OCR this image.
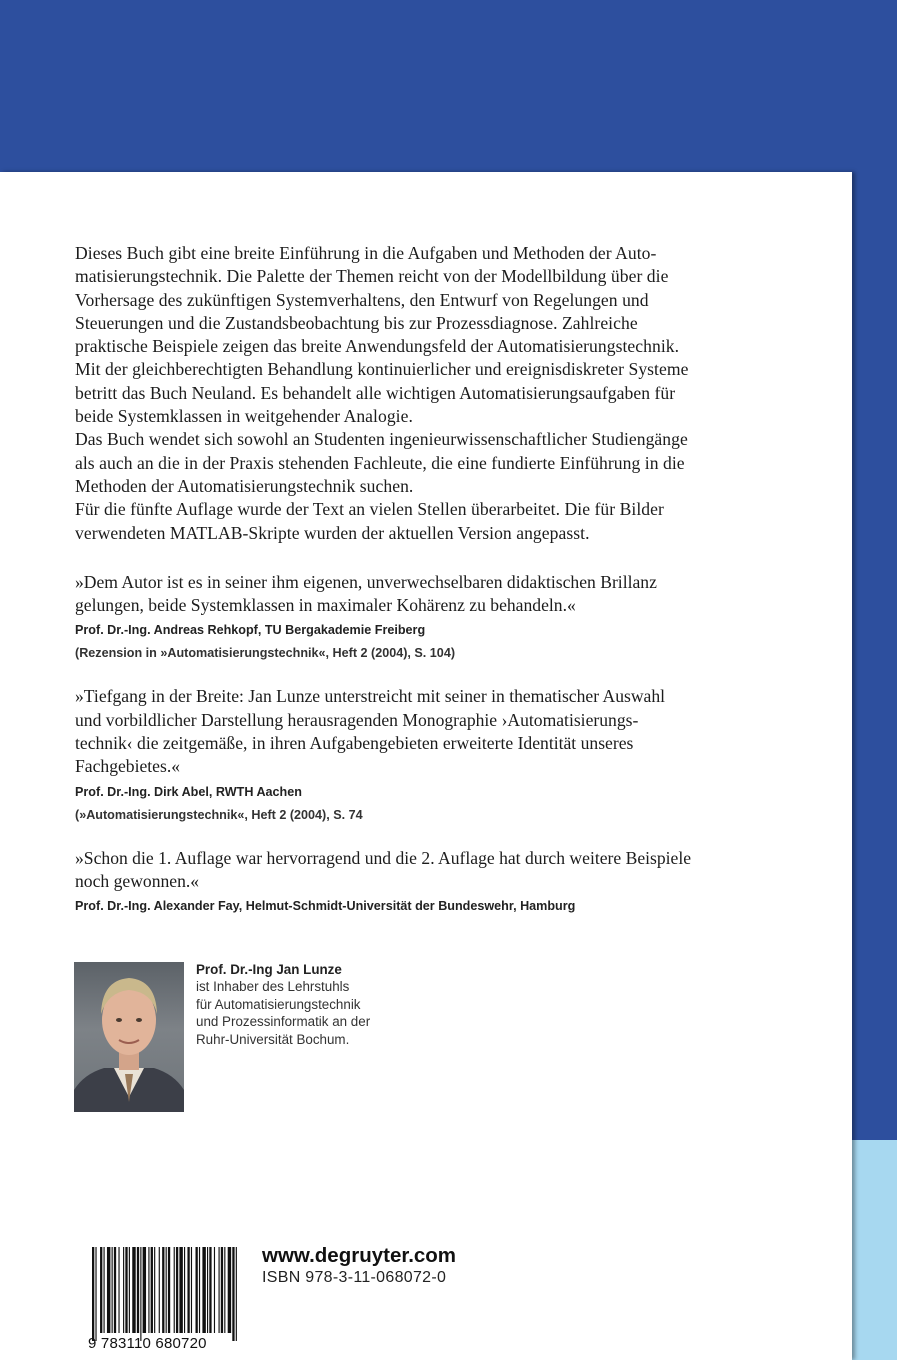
Dieses Buch gibt eine breite Einführung in die Aufgaben und Methoden der Auto-
matisierungstechnik. Die Palette der Themen reicht von der Modellbildung über die
Vorhersage des zukünftigen Systemverhaltens, den Entwurf von Regelungen und
Steuerungen und die Zustandsbeobachtung bis zur Prozessdiagnose. Zahlreiche
praktische Beispiele zeigen das breite Anwendungsfeld der Automatisierungstechnik.
Mit der gleichberechtigten Behandlung kontinuierlicher und ereignisdiskreter Systeme
betritt das Buch Neuland. Es behandelt alle wichtigen Automatisierungsaufgaben für
beide Systemklassen in weitgehender Analogie.

Das Buch wendet sich sowohl an Studenten ingenieurwissenschaftlicher Studiengänge
als auch an die in der Praxis stehenden Fachleute, die eine fundierte Einführung in die
Methoden der Automatisierungstechnik suchen.

Für die fünfte Auflage wurde der Text an vielen Stellen überarbeitet. Die für Bilder
verwendeten MATLAB-Skripte wurden der aktuellen Version angepasst.

»Dem Autor ist es in seiner ihm eigenen, unverwechselbaren didaktischen Brillanz
gelungen, beide Systemklassen in maximaler Kohärenz zu behandeln.«

Prof. Dr.-Ing. Andreas Rehkopf, TU Bergakademie Freiberg

(Rezension in »Automatisierungstechnik«, Heft 2 (2004), S. 104)

»Tiefgang in der Breite: Jan Lunze unterstreicht mit seiner in thematischer Auswahl
und vorbildlicher Darstellung herausragenden Monographie ›Automatisierungs-
technik‹ die zeitgemäße, in ihren Aufgabengebieten erweiterte Identität unseres
Fachgebietes.«

Prof. Dr.-Ing. Dirk Abel, RWTH Aachen

(»Automatisierungstechnik«, Heft 2 (2004), S. 74

»Schon die 1. Auflage war hervorragend und die 2. Auflage hat durch weitere Beispiele
noch gewonnen.«

Prof. Dr.-Ing. Alexander Fay, Helmut-Schmidt-Universität der Bundeswehr, Hamburg

Prof. Dr.-Ing Jan Lunze
ist Inhaber des Lehrstuhls
für Automatisierungstechnik
und Prozessinformatik an der
Ruhr-Universität Bochum.
9 783110 680720
www.degruyter.com
ISBN 978-3-11-068072-0
